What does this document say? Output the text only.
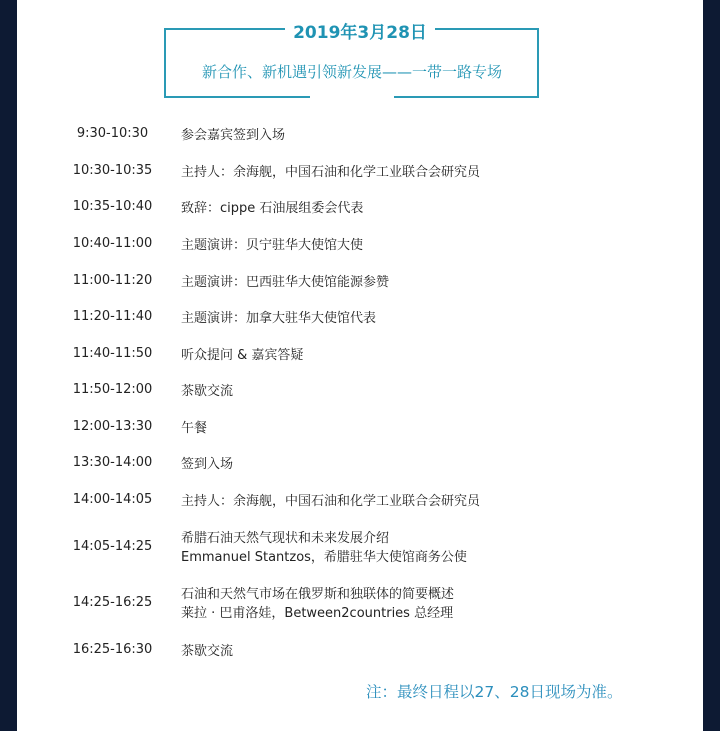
2019年3月28日
新合作、新机遇引领新发展——一带一路专场
9:30-10:30	参会嘉宾签到入场
10:30-10:35	主持人：余海舰，中国石油和化学工业联合会研究员
10:35-10:40	致辞：cippe 石油展组委会代表
10:40-11:00	主题演讲：贝宁驻华大使馆大使
11:00-11:20	主题演讲：巴西驻华大使馆能源参赞
11:20-11:40	主题演讲：加拿大驻华大使馆代表
11:40-11:50	听众提问 & 嘉宾答疑
11:50-12:00	茶歇交流
12:00-13:30	午餐
13:30-14:00	签到入场
14:00-14:05	主持人：余海舰，中国石油和化学工业联合会研究员
14:05-14:25
希腊石油天然气现状和未来发展介绍
Emmanuel Stantzos，希腊驻华大使馆商务公使
14:25-16:25
石油和天然气市场在俄罗斯和独联体的简要概述
莱拉 · 巴甫洛娃，Between2countries 总经理
16:25-16:30	茶歇交流
注：最终日程以27、28日现场为准。
